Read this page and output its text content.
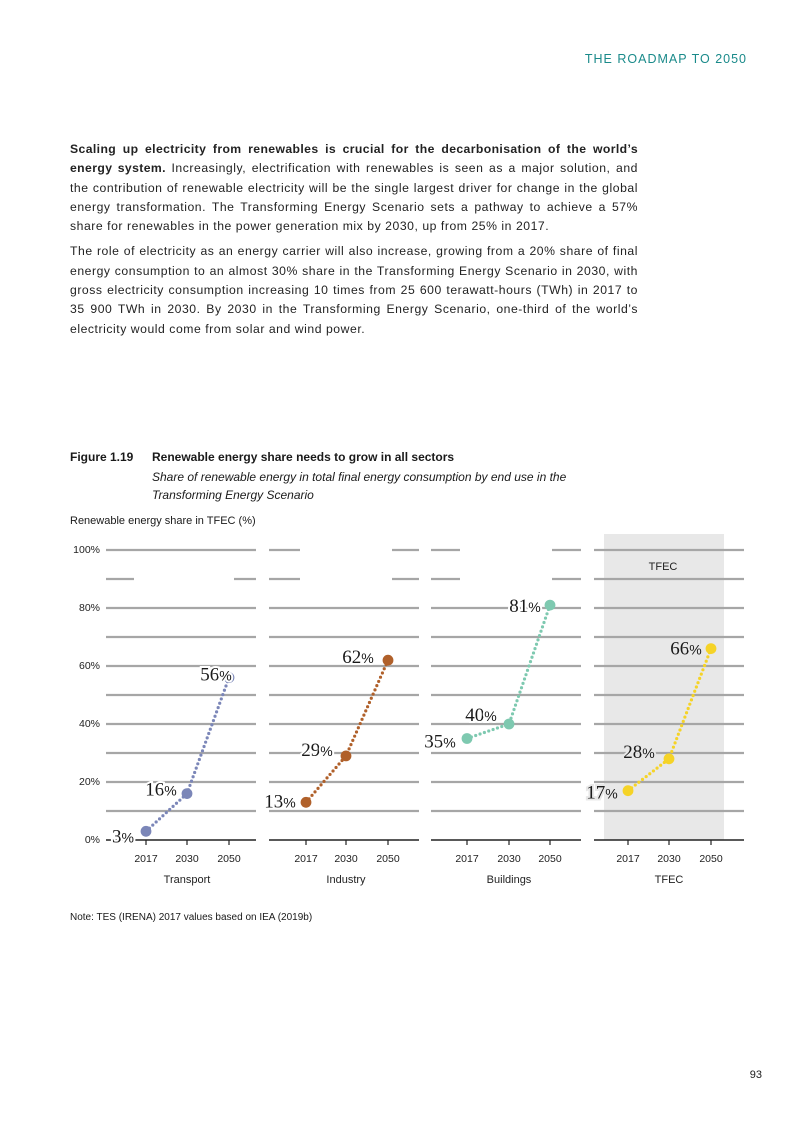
THE ROADMAP TO 2050

Scaling up electricity from renewables is crucial for the decarbonisation of the world’s energy system. Increasingly, electrification with renewables is seen as a major solution, and the contribution of renewable electricity will be the single largest driver for change in the global energy transformation. The Transforming Energy Scenario sets a pathway to achieve a 57% share for renewables in the power generation mix by 2030, up from 25% in 2017.

The role of electricity as an energy carrier will also increase, growing from a 20% share of final energy consumption to an almost 30% share in the Transforming Energy Scenario in 2030, with gross electricity consumption increasing 10 times from 25 600 terawatt-hours (TWh) in 2017 to 35 900 TWh in 2030. By 2030 in the Transforming Energy Scenario, one-third of the world’s electricity would come from solar and wind power.

Figure 1.19 Renewable energy share needs to grow in all sectors
Share of renewable energy in total final energy consumption by end use in the Transforming Energy Scenario
Renewable energy share in TFEC (%)
TFEC
0%
20%
40%
60%
80%
100%
2017 2030 2050
Transport
2017 2030 2050
Industry
2017 2030 2050
Buildings
2017 2030 2050
TFEC
3%
16%
56%
13%
29%
62%
35%
40%
81%
17%
28%
66%
Note: TES (IRENA) 2017 values based on IEA (2019b)
93
